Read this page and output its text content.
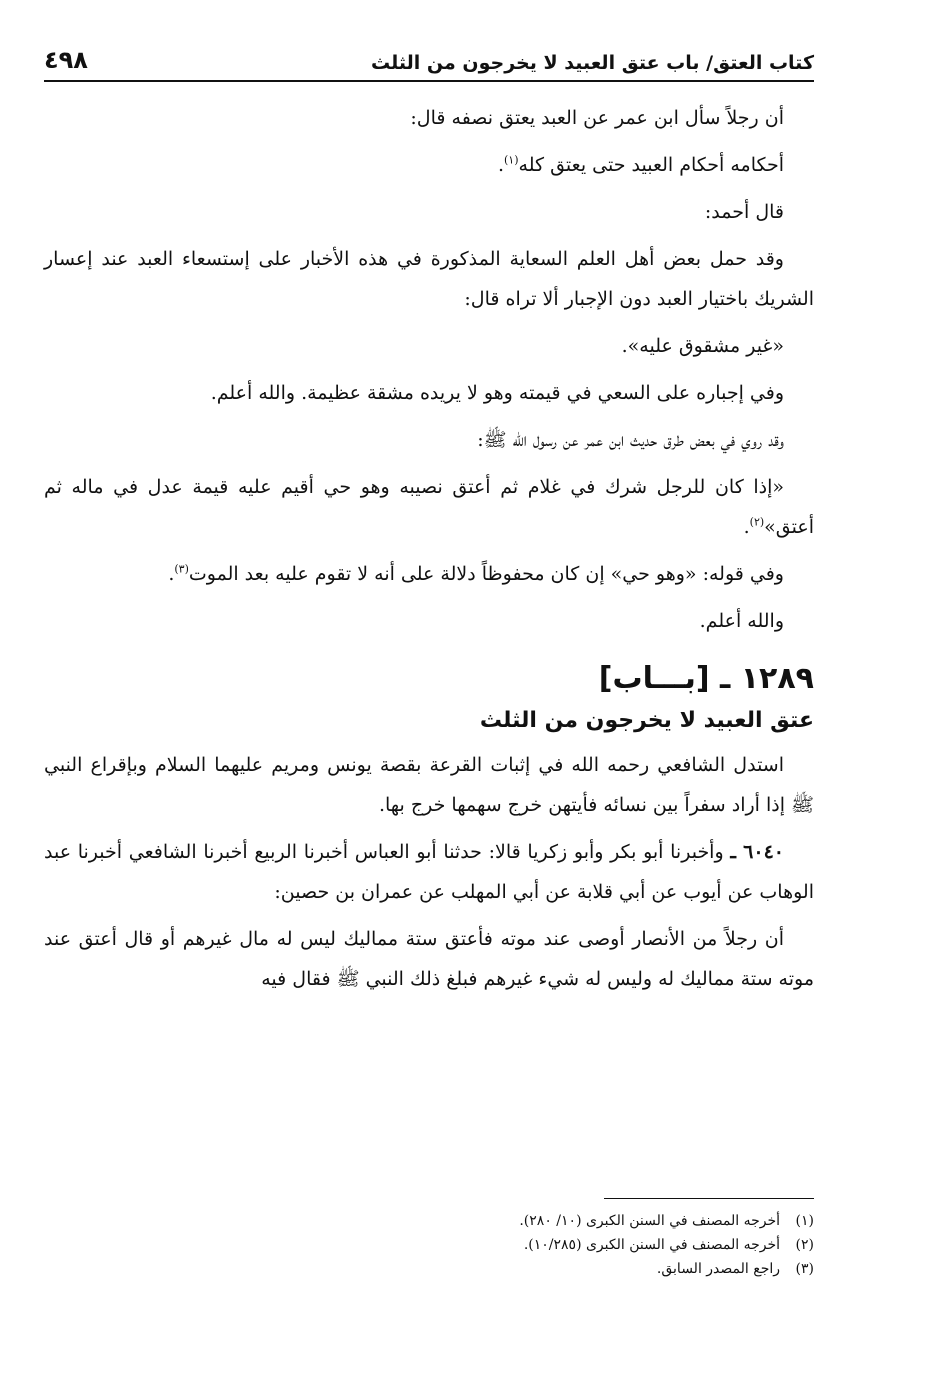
كتاب العتق/ باب عتق العبيد لا يخرجون من الثلث
٤٩٨

أن رجلاً سأل ابن عمر عن العبد يعتق نصفه قال:

أحكامه أحكام العبيد حتى يعتق كله$^{(١)}$.

قال أحمد:

وقد حمل بعض أهل العلم السعاية المذكورة في هذه الأخبار على إستسعاء العبد عند إعسار الشريك باختيار العبد دون الإجبار ألا تراه قال:

«غير مشقوق عليه».

وفي إجباره على السعي في قيمته وهو لا يريده مشقة عظيمة. والله أعلم.

وقد روي في بعض طرق حديث ابن عمر عن رسول الله ﷺ:

«إذا كان للرجل شرك في غلام ثم أعتق نصيبه وهو حي أقيم عليه قيمة عدل في ماله ثم أعتق»$^{(٢)}$.

وفي قوله: «وهو حي» إن كان محفوظاً دلالة على أنه لا تقوم عليه بعد الموت$^{(٣)}$.

والله أعلم.

١٢٨٩ ـ [بـــاب]
عتق العبيد لا يخرجون من الثلث

استدل الشافعي رحمه الله في إثبات القرعة بقصة يونس ومريم عليهما السلام وبإقراع النبي ﷺ إذا أراد سفراً بين نسائه فأيتهن خرج سهمها خرج بها.

٦٠٤٠ ـ وأخبرنا أبو بكر وأبو زكريا قالا: حدثنا أبو العباس أخبرنا الربيع أخبرنا الشافعي أخبرنا عبد الوهاب عن أيوب عن أبي قلابة عن أبي المهلب عن عمران بن حصين:

أن رجلاً من الأنصار أوصى عند موته فأعتق ستة مماليك ليس له مال غيرهم أو قال أعتق عند موته ستة مماليك له وليس له شيء غيرهم فبلغ ذلك النبي ﷺ فقال فيه

(١)
أخرجه المصنف في السنن الكبرى (١٠/ ٢٨٠).
(٢)
أخرجه المصنف في السنن الكبرى (١٠/٢٨٥).
(٣)
راجع المصدر السابق.
